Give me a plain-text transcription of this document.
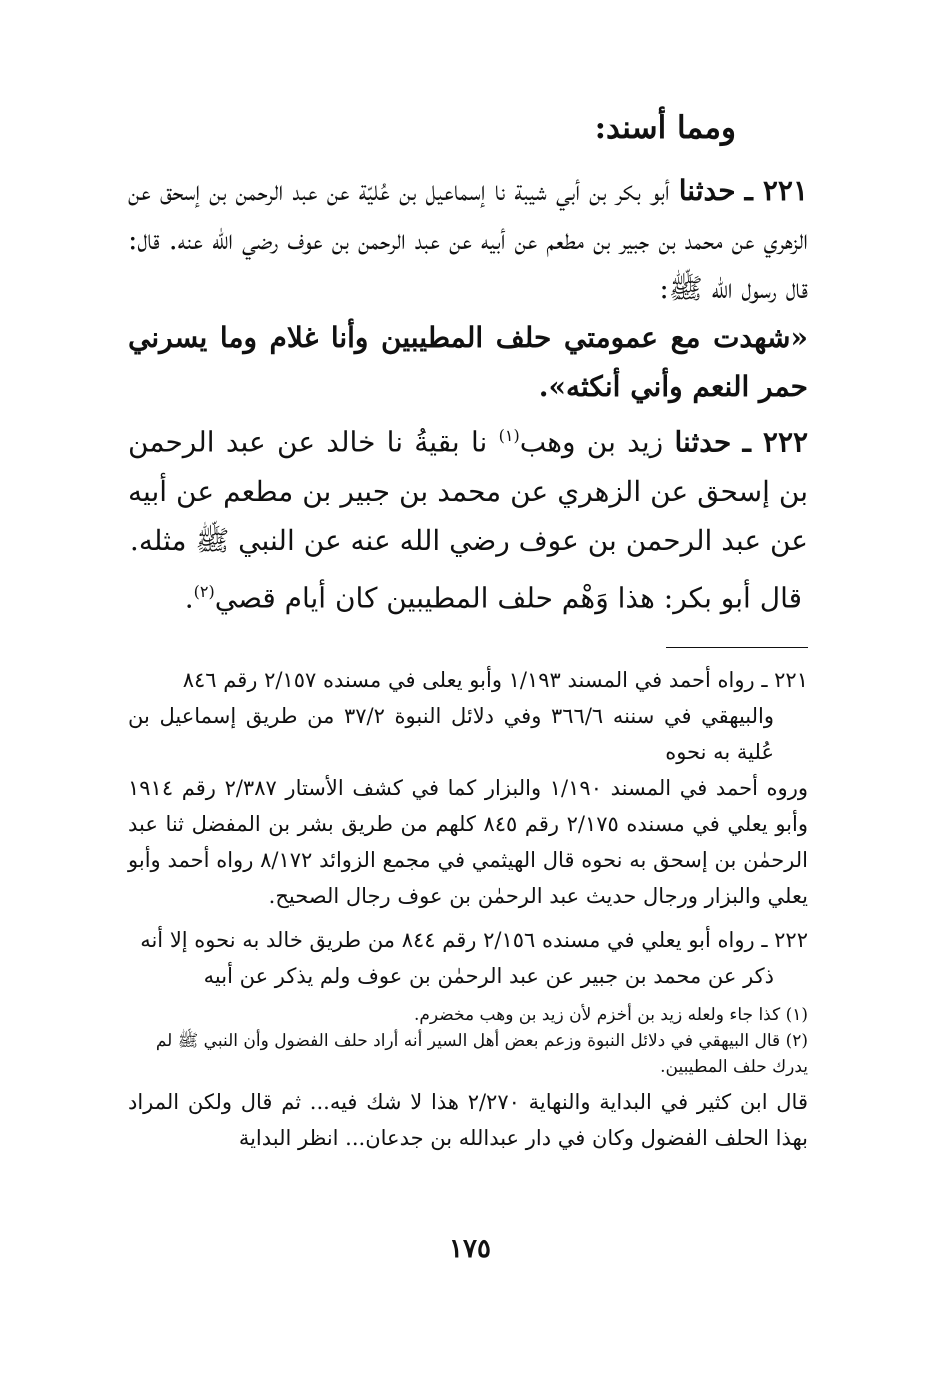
ومما أسند:

٢٢١ ـ حدثنا أبو بكر بن أبي شيبة نا إسماعيل بن عُليّة عن عبد الرحمن بن إسحق عن الزهري عن محمد بن جبير بن مطعم عن أبيه عن عبد الرحمن بن عوف رضي الله عنه. قال: قال رسول الله ﷺ:

«شهدت مع عمومتي حلف المطيبين وأنا غلام وما يسرني حمر النعم وأني أنكثه».

٢٢٢ ـ حدثنا زيد بن وهب$^{(١)}$ نا بقيةُ نا خالد عن عبد الرحمن بن إسحق عن الزهري عن محمد بن جبير بن مطعم عن أبيه عن عبد الرحمن بن عوف رضي الله عنه عن النبي ﷺ مثله.

قال أبو بكر: هذا وَهْم حلف المطيبين كان أيام قصي$^{(٢)}$.

٢٢١ ـ رواه أحمد في المسند ١/١٩٣ وأبو يعلى في مسنده ٢/١٥٧ رقم ٨٤٦

والبيهقي في سننه ٣٦٦/٦ وفي دلائل النبوة ٣٧/٢ من طريق إسماعيل بن عُلية به نحوه

وروه أحمد في المسند ١/١٩٠ والبزار كما في كشف الأستار ٢/٣٨٧ رقم ١٩١٤ وأبو يعلي في مسنده ٢/١٧٥ رقم ٨٤٥ كلهم من طريق بشر بن المفضل ثنا عبد الرحمٰن بن إسحق به نحوه قال الهيثمي في مجمع الزوائد ٨/١٧٢ رواه أحمد وأبو يعلي والبزار ورجال حديث عبد الرحمٰن بن عوف رجال الصحيح.

٢٢٢ ـ رواه أبو يعلي في مسنده ٢/١٥٦ رقم ٨٤٤ من طريق خالد به نحوه إلا أنه

ذكر عن محمد بن جبير عن عبد الرحمٰن بن عوف ولم يذكر عن أبيه

(١) كذا جاء ولعله زيد بن أخزم لأن زيد بن وهب مخضرم.

(٢) قال البيهقي في دلائل النبوة وزعم بعض أهل السير أنه أراد حلف الفضول وأن النبي ﷺ لم يدرك حلف المطيبين.

قال ابن كثير في البداية والنهاية ٢/٢٧٠ هذا لا شك فيه... ثم قال ولكن المراد بهذا الحلف الفضول وكان في دار عبدالله بن جدعان... انظر البداية

١٧٥
